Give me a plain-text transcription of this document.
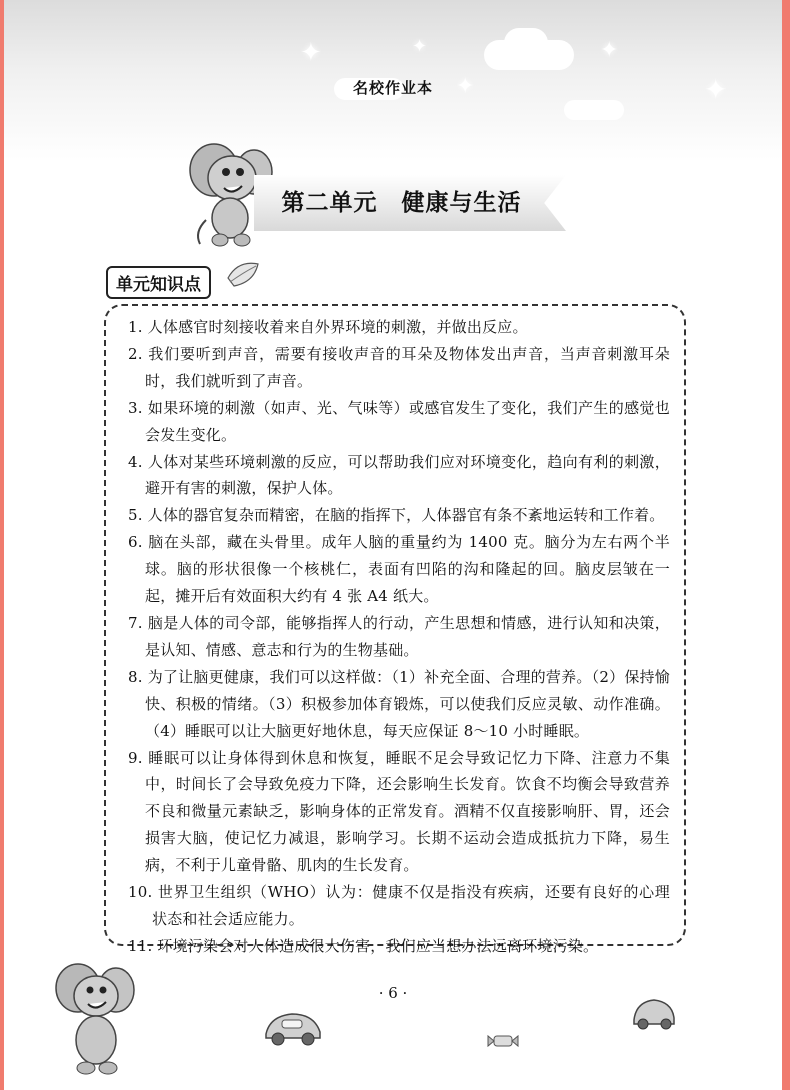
✦	✦
✦
✦
✦
名校作业本
第二单元　健康与生活
单元知识点
1. 人体感官时刻接收着来自外界环境的刺激，并做出反应。
2. 我们要听到声音，需要有接收声音的耳朵及物体发出声音，当声音刺激耳朵时，我们就听到了声音。
3. 如果环境的刺激（如声、光、气味等）或感官发生了变化，我们产生的感觉也会发生变化。
4. 人体对某些环境刺激的反应，可以帮助我们应对环境变化，趋向有利的刺激，避开有害的刺激，保护人体。
5. 人体的器官复杂而精密，在脑的指挥下，人体器官有条不紊地运转和工作着。
6. 脑在头部，藏在头骨里。成年人脑的重量约为 1400 克。脑分为左右两个半球。脑的形状很像一个核桃仁，表面有凹陷的沟和隆起的回。脑皮层皱在一起，摊开后有效面积大约有 4 张 A4 纸大。
7. 脑是人体的司令部，能够指挥人的行动，产生思想和情感，进行认知和决策，是认知、情感、意志和行为的生物基础。
8. 为了让脑更健康，我们可以这样做：（1）补充全面、合理的营养。（2）保持愉快、积极的情绪。（3）积极参加体育锻炼，可以使我们反应灵敏、动作准确。（4）睡眠可以让大脑更好地休息，每天应保证 8～10 小时睡眠。
9. 睡眠可以让身体得到休息和恢复，睡眠不足会导致记忆力下降、注意力不集中，时间长了会导致免疫力下降，还会影响生长发育。饮食不均衡会导致营养不良和微量元素缺乏，影响身体的正常发育。酒精不仅直接影响肝、胃，还会损害大脑，使记忆力减退，影响学习。长期不运动会造成抵抗力下降，易生病，不利于儿童骨骼、肌肉的生长发育。
10. 世界卫生组织（WHO）认为：健康不仅是指没有疾病，还要有良好的心理状态和社会适应能力。
11. 环境污染会对人体造成很大伤害，我们应当想办法远离环境污染。
· 6 ·
